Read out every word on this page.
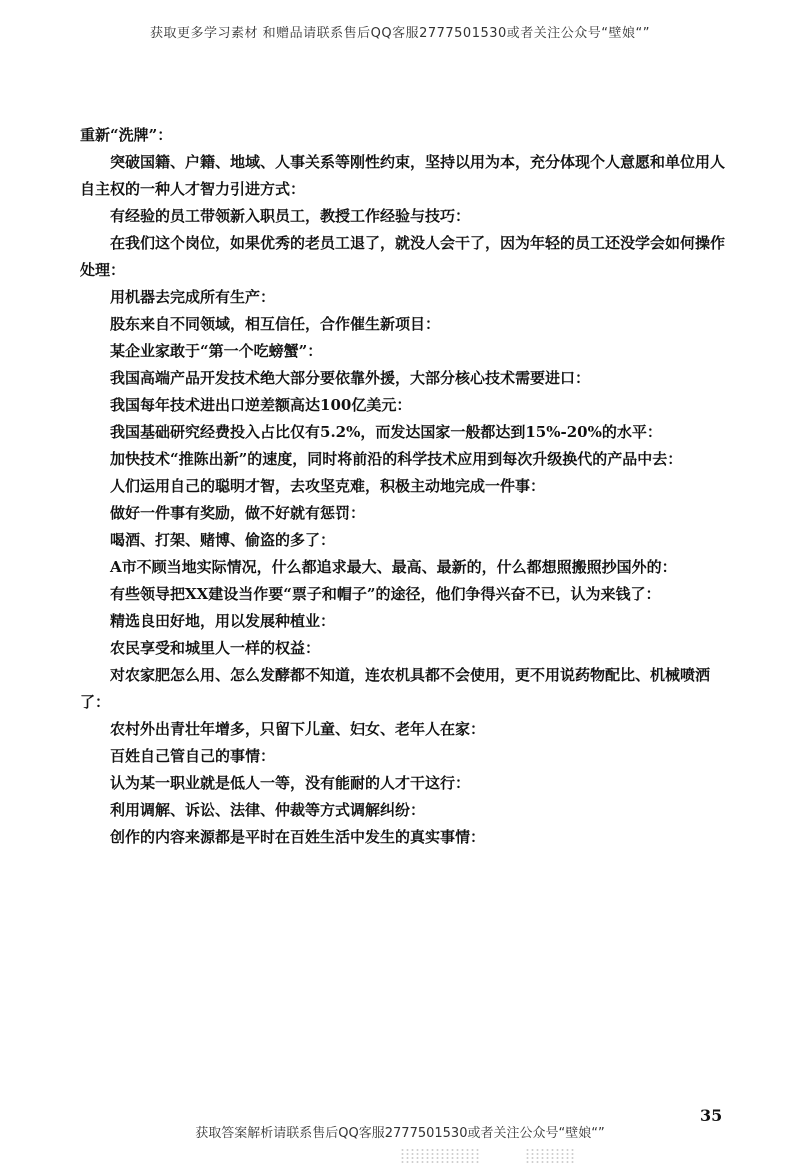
获取更多学习素材 和赠品请联系售后QQ客服2777501530或者关注公众号“壁娘“”

重新“洗牌”：

突破国籍、户籍、地域、人事关系等刚性约束，坚持以用为本，充分体现个人意愿和单位用人自主权的一种人才智力引进方式：

有经验的员工带领新入职员工，教授工作经验与技巧：

在我们这个岗位，如果优秀的老员工退了，就没人会干了，因为年轻的员工还没学会如何操作处理：

用机器去完成所有生产：

股东来自不同领域，相互信任，合作催生新项目：

某企业家敢于“第一个吃螃蟹”：

我国高端产品开发技术绝大部分要依靠外援，大部分核心技术需要进口：

我国每年技术进出口逆差额高达100亿美元：

我国基础研究经费投入占比仅有5.2%，而发达国家一般都达到15%-20%的水平：

加快技术“推陈出新”的速度，同时将前沿的科学技术应用到每次升级换代的产品中去：

人们运用自己的聪明才智，去攻坚克难，积极主动地完成一件事：

做好一件事有奖励，做不好就有惩罚：

喝酒、打架、赌博、偷盗的多了：

A市不顾当地实际情况，什么都追求最大、最高、最新的，什么都想照搬照抄国外的：

有些领导把XX建设当作要“票子和帽子”的途径，他们争得兴奋不已，认为来钱了：

精选良田好地，用以发展种植业：

农民享受和城里人一样的权益：

对农家肥怎么用、怎么发酵都不知道，连农机具都不会使用，更不用说药物配比、机械喷洒了：

农村外出青壮年增多，只留下儿童、妇女、老年人在家：

百姓自己管自己的事情：

认为某一职业就是低人一等，没有能耐的人才干这行：

利用调解、诉讼、法律、仲裁等方式调解纠纷：

创作的内容来源都是平时在百姓生活中发生的真实事情：

35
获取答案解析请联系售后QQ客服2777501530或者关注公众号“壁娘“”
